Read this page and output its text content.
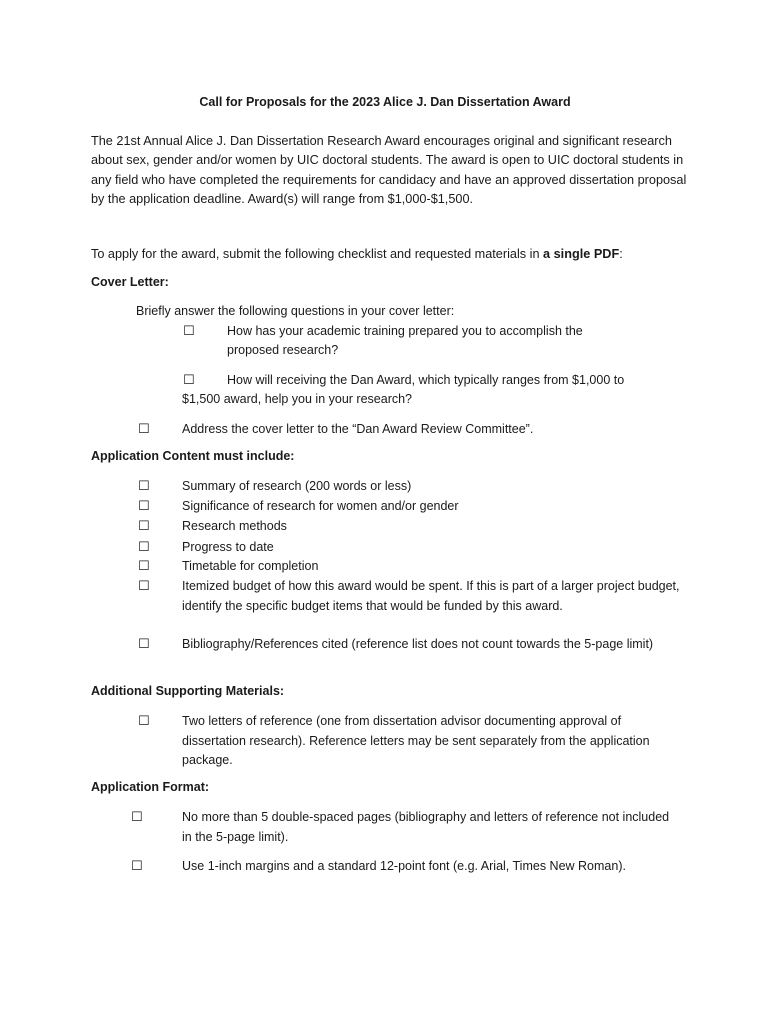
Call for Proposals for the 2023 Alice J. Dan Dissertation Award
The 21st Annual Alice J. Dan Dissertation Research Award encourages original and significant research about sex, gender and/or women by UIC doctoral students. The award is open to UIC doctoral students in any field who have completed the requirements for candidacy and have an approved dissertation proposal by the application deadline. Award(s) will range from $1,000-$1,500.
To apply for the award, submit the following checklist and requested materials in a single PDF:
Cover Letter:
Briefly answer the following questions in your cover letter:
☐	How has your academic training prepared you to accomplish the
proposed research?
☐	How will receiving the Dan Award, which typically ranges from $1,000 to
$1,500 award, help you in your research?
☐	Address the cover letter to the “Dan Award Review Committee”.
Application Content must include:
☐	Summary of research (200 words or less)
☐	Significance of research for women and/or gender
☐	Research methods
☐	Progress to date
☐	Timetable for completion
☐	Itemized budget of how this award would be spent. If this is part of a larger project budget, identify the specific budget items that would be funded by this award.
☐	Bibliography/References cited (reference list does not count towards the 5-page limit)
Additional Supporting Materials:
☐	Two letters of reference (one from dissertation advisor documenting approval of dissertation research). Reference letters may be sent separately from the application package.
Application Format:
☐	No more than 5 double-spaced pages (bibliography and letters of reference not included in the 5-page limit).
☐	Use 1-inch margins and a standard 12-point font (e.g. Arial, Times New Roman).
